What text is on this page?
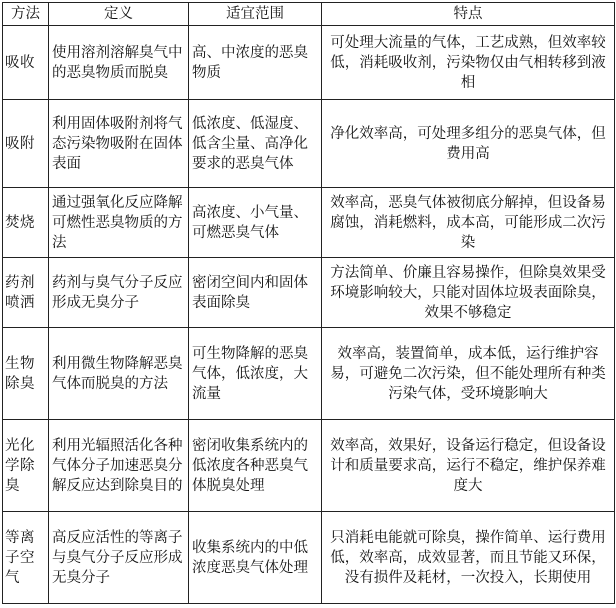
方法	定义	适宜范围	特点
吸收	使用溶剂溶解臭气中的恶臭物质而脱臭	高、中浓度的恶臭物质	可处理大流量的气体，工艺成熟，但效率较低，消耗吸收剂，污染物仅由气相转移到液相
吸附	利用固体吸附剂将气态污染物吸附在固体表面	低浓度、低湿度、低含尘量、高净化要求的恶臭气体	净化效率高，可处理多组分的恶臭气体，但费用高
焚烧	通过强氧化反应降解可燃性恶臭物质的方法	高浓度、小气量、可燃恶臭气体	效率高，恶臭气体被彻底分解掉，但设备易腐蚀，消耗燃料，成本高，可能形成二次污染
药剂喷洒	药剂与臭气分子反应形成无臭分子	密闭空间内和固体表面除臭	方法简单、价廉且容易操作，但除臭效果受环境影响较大，只能对固体垃圾表面除臭，效果不够稳定
生物除臭	利用微生物降解恶臭气体而脱臭的方法	可生物降解的恶臭气体，低浓度，大流量	效率高，装置简单，成本低，运行维护容易，可避免二次污染，但不能处理所有种类污染气体，受环境影响大
光化学除臭	利用光辐照活化各种气体分子加速恶臭分解反应达到除臭目的	密闭收集系统内的低浓度各种恶臭气体脱臭处理	效率高，效果好，设备运行稳定，但设备设计和质量要求高，运行不稳定，维护保养难度大
等离子空气	高反应活性的等离子与臭气分子反应形成无臭分子	收集系统内的中低浓度恶臭气体处理	只消耗电能就可除臭，操作简单、运行费用低，效率高，成效显著，而且节能又环保，没有损件及耗材，一次投入，长期使用
